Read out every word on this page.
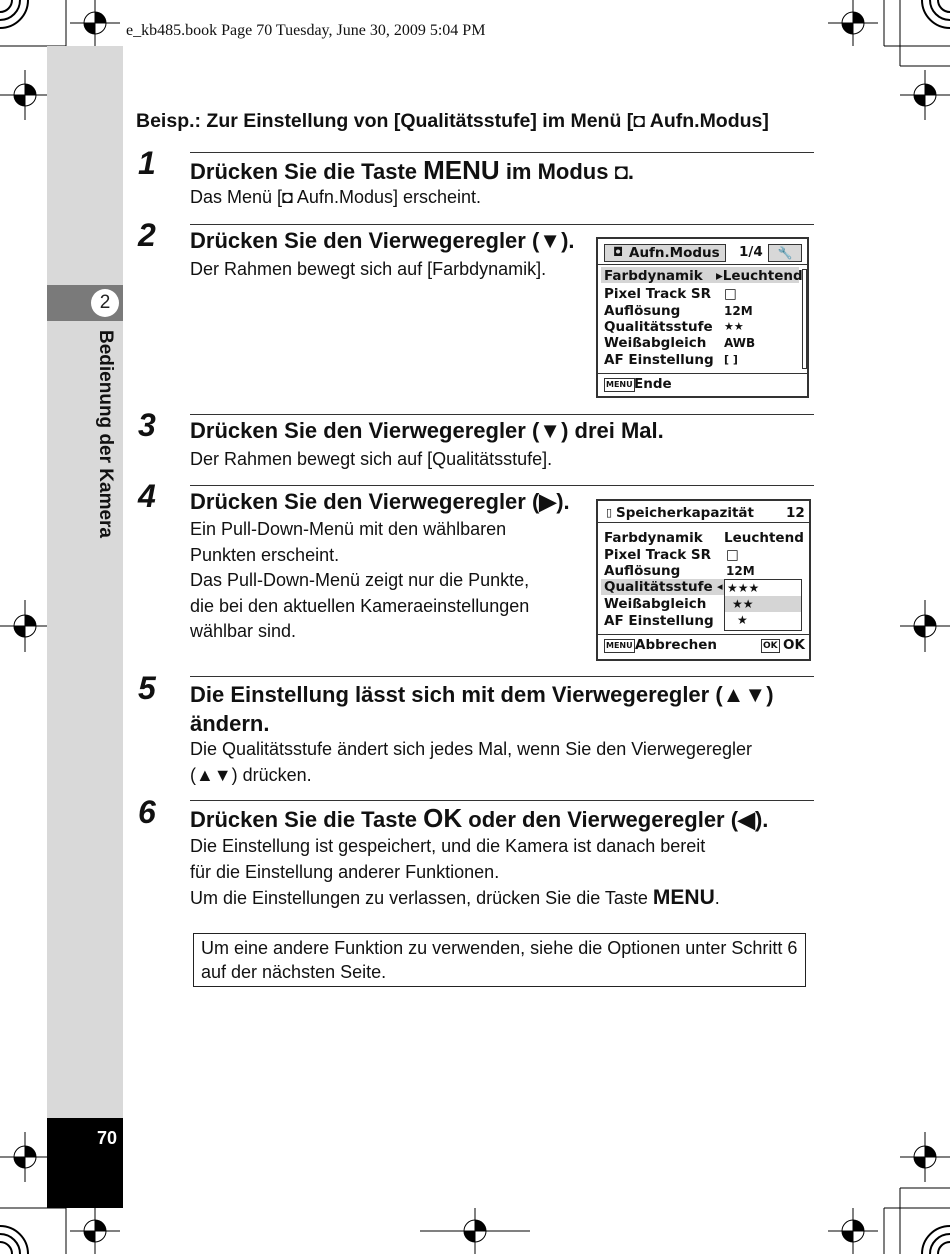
e_kb485.book Page 70 Tuesday, June 30, 2009 5:04 PM
2
Bedienung der Kamera
70
Beisp.: Zur Einstellung von [Qualitätsstufe] im Menü [◘ Aufn.Modus]
1	Drücken Sie die Taste MENU im Modus ◘.
Das Menü [◘ Aufn.Modus] erscheint.
2	Drücken Sie den Vierwegeregler (▼).
Der Rahmen bewegt sich auf [Farbdynamik].
◘ Aufn.Modus 1/4	🔧
Farbdynamik ▸Leuchtend
Pixel Track SR □
Auflösung	12M
Qualitätsstufe ★★
Weißabgleich AWB
AF Einstellung [ ]
MENU Ende
3	Drücken Sie den Vierwegeregler (▼) drei Mal.
Der Rahmen bewegt sich auf [Qualitätsstufe].
4	Drücken Sie den Vierwegeregler (▶).
Ein Pull-Down-Menü mit den wählbaren
Punkten erscheint.
Das Pull-Down-Menü zeigt nur die Punkte,
die bei den aktuellen Kameraeinstellungen
wählbar sind.
▯ Speicherkapazität 12
Farbdynamik Leuchtend
Pixel Track SR □
Auflösung	12M
Qualitätsstufe ◂
Weißabgleich
AF Einstellung
★★★
★★
★
MENU Abbrechen	OK OK
5	Die Einstellung lässt sich mit dem Vierwegeregler (▲▼)
ändern.
Die Qualitätsstufe ändert sich jedes Mal, wenn Sie den Vierwegeregler
(▲▼) drücken.
6	Drücken Sie die Taste OK oder den Vierwegeregler (◀).
Die Einstellung ist gespeichert, und die Kamera ist danach bereit
für die Einstellung anderer Funktionen.
Um die Einstellungen zu verlassen, drücken Sie die Taste MENU.
Um eine andere Funktion zu verwenden, siehe die Optionen unter Schritt 6 auf der nächsten Seite.
